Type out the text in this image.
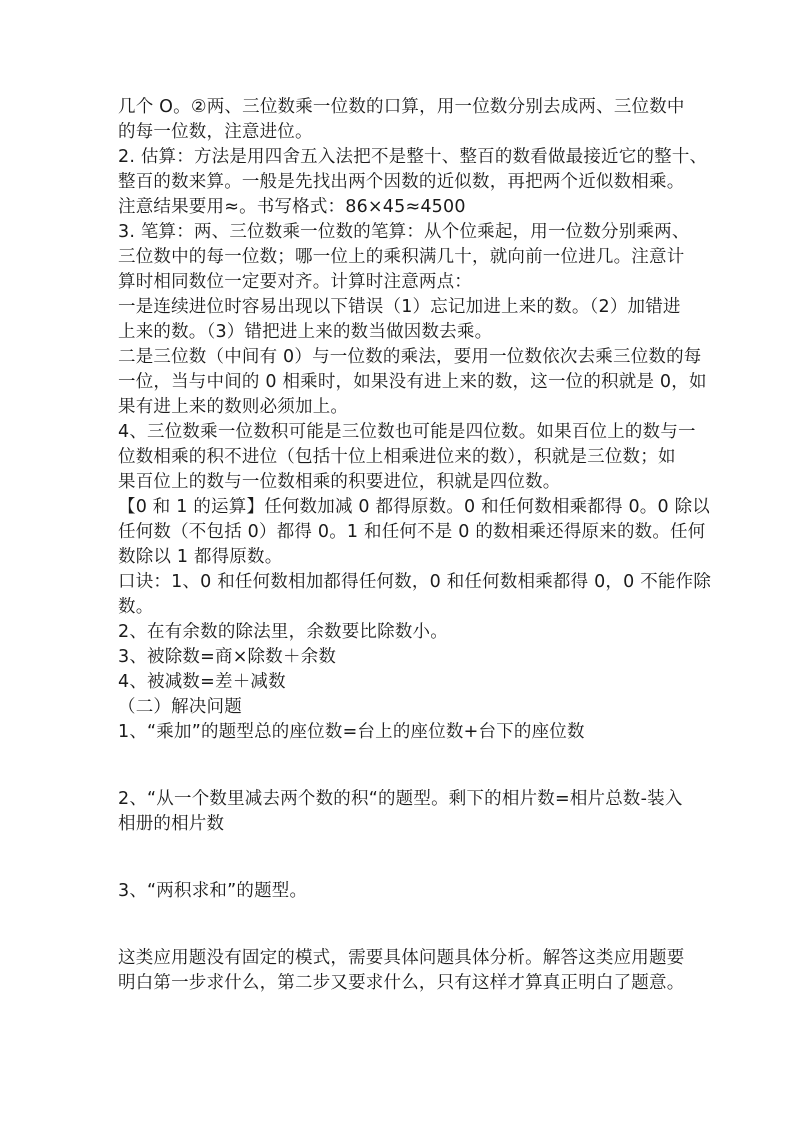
几个 O。②两、三位数乘一位数的口算，用一位数分别去成两、三位数中
的每一位数，注意进位。
2. 估算：方法是用四舍五入法把不是整十、整百的数看做最接近它的整十、
整百的数来算。一般是先找出两个因数的近似数，再把两个近似数相乘。
注意结果要用≈。书写格式：86×45≈4500
3. 笔算：两、三位数乘一位数的笔算：从个位乘起，用一位数分别乘两、
三位数中的每一位数；哪一位上的乘积满几十，就向前一位进几。注意计
算时相同数位一定要对齐。计算时注意两点：
一是连续进位时容易出现以下错误（1）忘记加进上来的数。（2）加错进
上来的数。（3）错把进上来的数当做因数去乘。
二是三位数（中间有 0）与一位数的乘法，要用一位数依次去乘三位数的每
一位，当与中间的 0 相乘时，如果没有进上来的数，这一位的积就是 0，如
果有进上来的数则必须加上。
4、三位数乘一位数积可能是三位数也可能是四位数。如果百位上的数与一
位数相乘的积不进位（包括十位上相乘进位来的数），积就是三位数；如
果百位上的数与一位数相乘的积要进位，积就是四位数。
【0 和 1 的运算】任何数加减 0 都得原数。0 和任何数相乘都得 0。0 除以
任何数（不包括 0）都得 0。1 和任何不是 0 的数相乘还得原来的数。任何
数除以 1 都得原数。
口诀：1、0 和任何数相加都得任何数，0 和任何数相乘都得 0，0 不能作除
数。
2、在有余数的除法里，余数要比除数小。
3、被除数=商×除数＋余数
4、被减数=差＋减数
（二）解决问题
1、“乘加”的题型总的座位数=台上的座位数+台下的座位数
2、“从一个数里减去两个数的积“的题型。剩下的相片数=相片总数-装入
相册的相片数
3、“两积求和”的题型。
这类应用题没有固定的模式，需要具体问题具体分析。解答这类应用题要
明白第一步求什么，第二步又要求什么，只有这样才算真正明白了题意。
